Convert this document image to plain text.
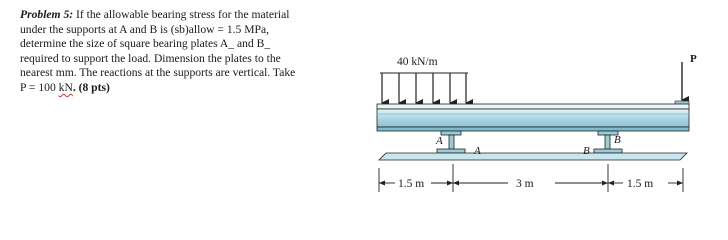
Problem 5: If the allowable bearing stress for the material
under the supports at A and B is (sb)allow = 1.5 MPa,
determine the size of square bearing plates A_ and B_
required to support the load. Dimension the plates to the
nearest mm. The reactions at the supports are vertical. Take
P = 100 kN. (8 pts)
40 kN/m	P
A
A
B
B
1.5 m	3 m	1.5 m
